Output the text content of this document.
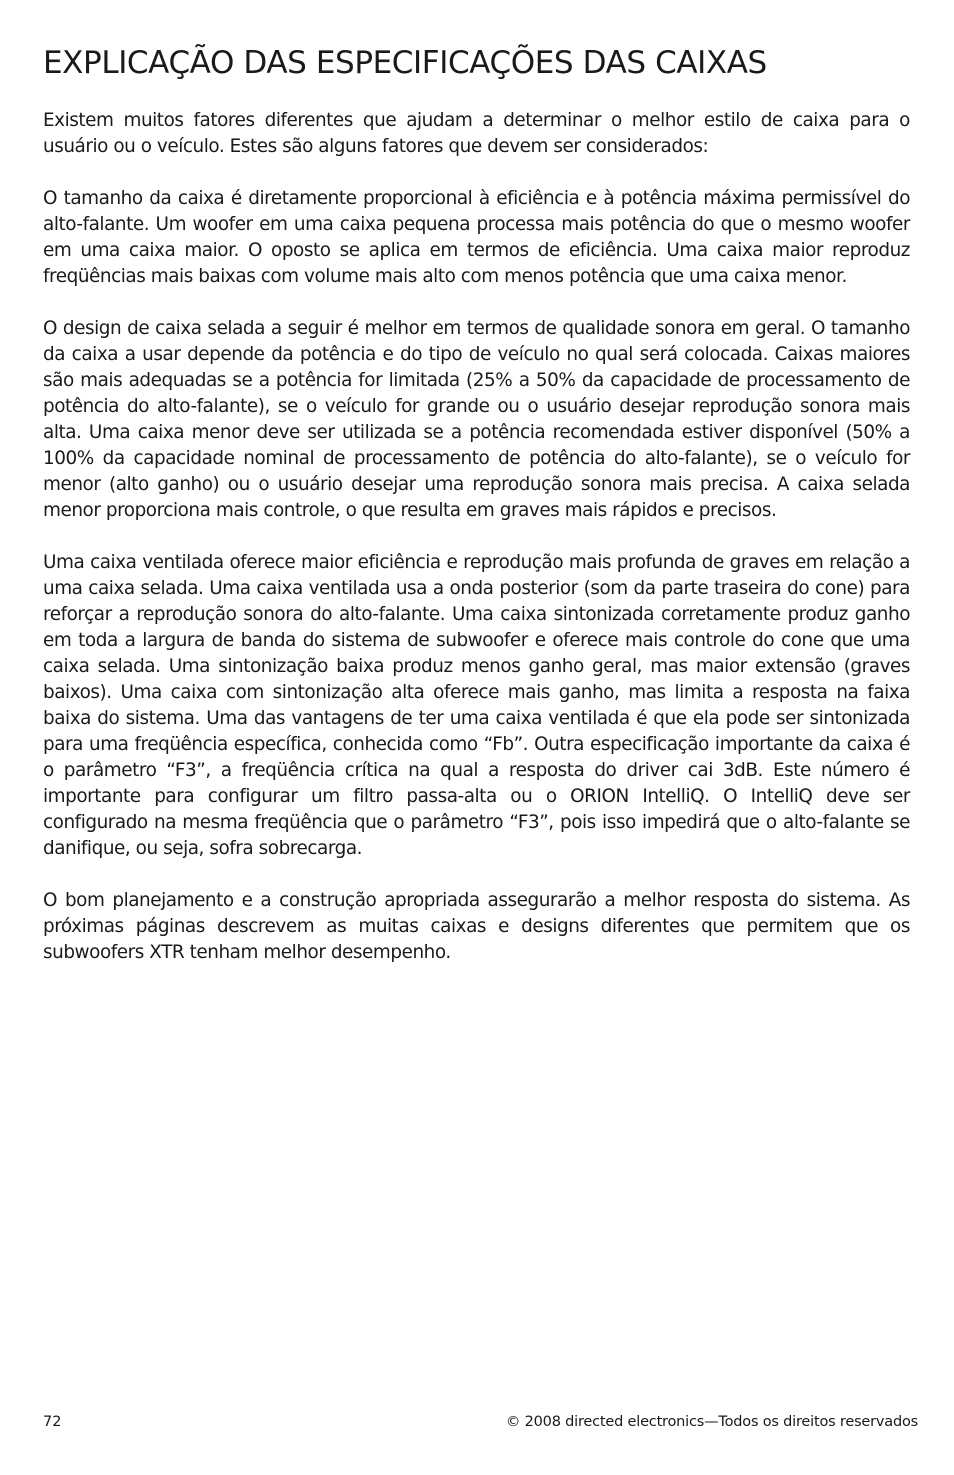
EXPLICAÇÃO DAS ESPECIFICAÇÕES DAS CAIXAS

Existem muitos fatores diferentes que ajudam a determinar o melhor estilo de caixa para o usuário ou o veículo. Estes são alguns fatores que devem ser considerados:

O tamanho da caixa é diretamente proporcional à eficiência e à potência máxima permissível do alto-falante. Um woofer em uma caixa pequena processa mais potência do que o mesmo woofer em uma caixa maior. O oposto se aplica em termos de eficiência. Uma caixa maior reproduz freqüências mais baixas com volume mais alto com menos potência que uma caixa menor.

O design de caixa selada a seguir é melhor em termos de qualidade sonora em geral. O tamanho da caixa a usar depende da potência e do tipo de veículo no qual será colocada. Caixas maiores são mais adequadas se a potência for limitada (25% a 50% da capacidade de processamento de potência do alto-falante), se o veículo for grande ou o usuário desejar reprodução sonora mais alta. Uma caixa menor deve ser utilizada se a potência recomendada estiver disponível (50% a 100% da capacidade nominal de processamento de potência do alto-falante), se o veículo for menor (alto ganho) ou o usuário desejar uma reprodução sonora mais precisa. A caixa selada menor proporciona mais controle, o que resulta em graves mais rápidos e precisos.

Uma caixa ventilada oferece maior eficiência e reprodução mais profunda de graves em relação a uma caixa selada. Uma caixa ventilada usa a onda posterior (som da parte traseira do cone) para reforçar a reprodução sonora do alto-falante. Uma caixa sintonizada corretamente produz ganho em toda a largura de banda do sistema de subwoofer e oferece mais controle do cone que uma caixa selada. Uma sintonização baixa produz menos ganho geral, mas maior extensão (graves baixos). Uma caixa com sintonização alta oferece mais ganho, mas limita a resposta na faixa baixa do sistema. Uma das vantagens de ter uma caixa ventilada é que ela pode ser sintonizada para uma freqüência específica, conhecida como “Fb”. Outra especificação importante da caixa é o parâmetro “F3”, a freqüência crítica na qual a resposta do driver cai 3dB. Este número é importante para configurar um filtro passa-alta ou o ORION IntelliQ. O IntelliQ deve ser configurado na mesma freqüência que o parâmetro “F3”, pois isso impedirá que o alto-falante se danifique, ou seja, sofra sobrecarga.

O bom planejamento e a construção apropriada assegurarão a melhor resposta do sistema. As próximas páginas descrevem as muitas caixas e designs diferentes que permitem que os subwoofers XTR tenham melhor desempenho.

72	© 2008 directed electronics—Todos os direitos reservados
